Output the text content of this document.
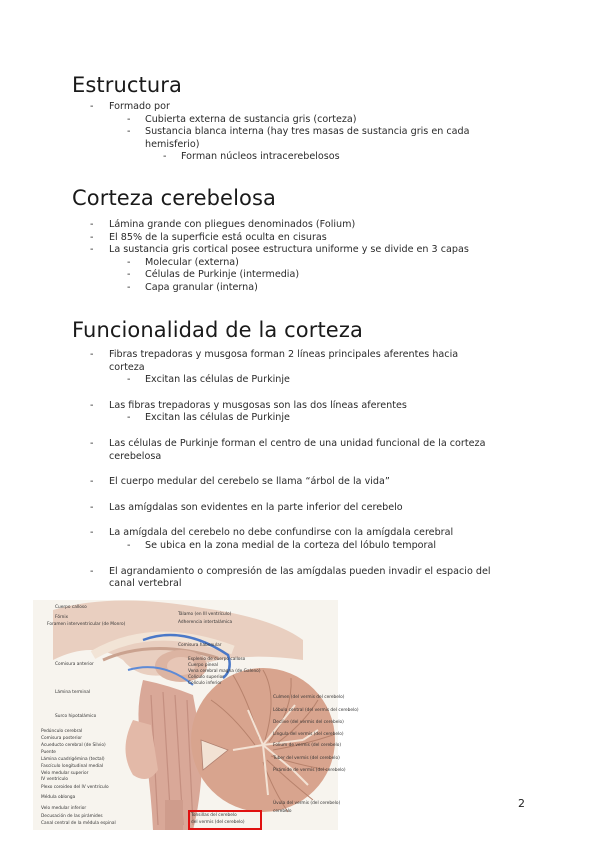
Estructura
- Formado por
- Cubierta externa de sustancia gris (corteza)
- Sustancia blanca interna (hay tres masas de sustancia gris en cada
hemisferio)
- Forman núcleos intracerebelosos
Corteza cerebelosa
- Lámina grande con pliegues denominados (Folium)
- El 85% de la superficie está oculta en cisuras
- La sustancia gris cortical posee estructura uniforme y se divide en 3 capas
- Molecular (externa)
- Células de Purkinje (intermedia)
- Capa granular (interna)
Funcionalidad de la corteza
- Fibras trepadoras y musgosa forman 2 líneas principales aferentes hacia
corteza
- Excitan las células de Purkinje
- Las fibras trepadoras y musgosas son las dos líneas aferentes
- Excitan las células de Purkinje
- Las células de Purkinje forman el centro de una unidad funcional de la corteza
cerebelosa
- El cuerpo medular del cerebelo se llama “árbol de la vida”
- Las amígdalas son evidentes en la parte inferior del cerebelo
- La amígdala del cerebelo no debe confundirse con la amígdala cerebral
- Se ubica en la zona medial de la corteza del lóbulo temporal
- El agrandamiento o compresión de las amígdalas pueden invadir el espacio del
canal vertebral
Cuerpo calloso
Fórnix
Foramen interventricular (de Monro)
Comisura anterior
Lámina terminal
Surco hipotalámico
Pedúnculo cerebral
Comisura posterior
Acueducto cerebral (de Silvio)
Puente
Lámina cuadrigémina (tectal)
Fascículo longitudinal medial
Velo medular superior
IV ventrículo
Plexo coroideo del IV ventrículo
Médula oblonga
Velo medular inferior
Decusación de las pirámides
Canal central de la médula espinal
Tálamo (en III ventrículo)
Adherencia intertalámica
Comisura habenular
Esplenio de cuerpo calloso
Cuerpo pineal
Vena cerebral magna (de Galeno)
Colículo superior
Colículo inferior
Culmen (del vermis del cerebelo)
Lóbulo central (del vermis del cerebelo)
Declive (del vermis del cerebelo)
Língula del vermis (del cerebelo)
Folium de vermis (del cerebelo)
Tuber del vermis (del cerebelo)
Pirámide de vermis (del cerebelo)
Úvula del vermis (del cerebelo)
cerebelo
Tonsillas del cerebelo
del vermis (del cerebelo)
2
